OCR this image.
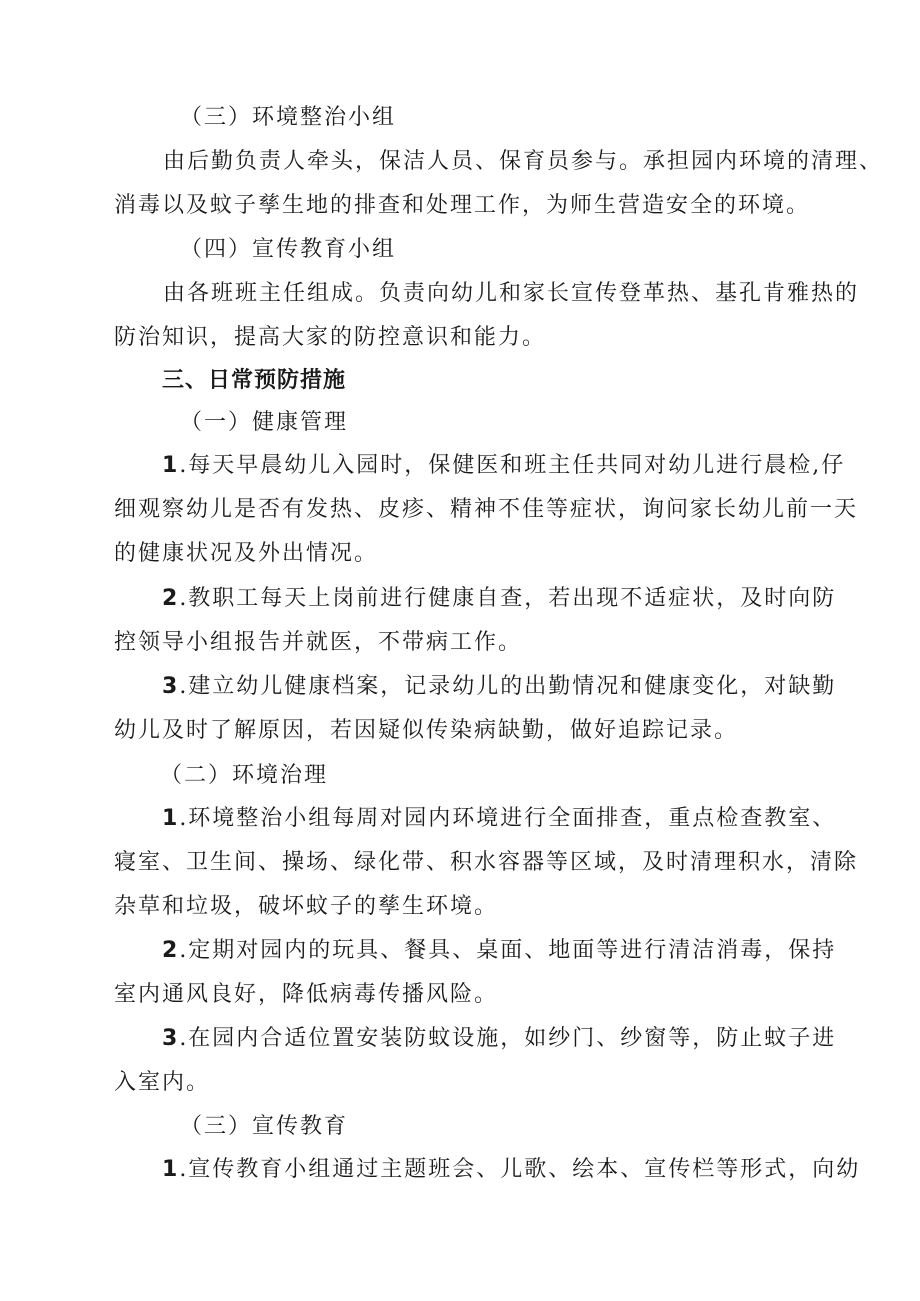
（三）环境整治小组
由后勤负责人牵头，保洁人员、保育员参与。承担园内环境的清理、
消毒以及蚊子孳生地的排查和处理工作，为师生营造安全的环境。
（四）宣传教育小组
由各班班主任组成。负责向幼儿和家长宣传登革热、基孔肯雅热的
防治知识，提高大家的防控意识和能力。
三、日常预防措施
（一）健康管理
1.每天早晨幼儿入园时，保健医和班主任共同对幼儿进行晨检,仔
细观察幼儿是否有发热、皮疹、精神不佳等症状，询问家长幼儿前一天
的健康状况及外出情况。
2.教职工每天上岗前进行健康自查，若出现不适症状，及时向防
控领导小组报告并就医，不带病工作。
3.建立幼儿健康档案，记录幼儿的出勤情况和健康变化，对缺勤
幼儿及时了解原因，若因疑似传染病缺勤，做好追踪记录。
（二）环境治理
1.环境整治小组每周对园内环境进行全面排查，重点检查教室、
寝室、卫生间、操场、绿化带、积水容器等区域，及时清理积水，清除
杂草和垃圾，破坏蚊子的孳生环境。
2.定期对园内的玩具、餐具、桌面、地面等进行清洁消毒，保持
室内通风良好，降低病毒传播风险。
3.在园内合适位置安装防蚊设施，如纱门、纱窗等，防止蚊子进
入室内。
（三）宣传教育
1.宣传教育小组通过主题班会、儿歌、绘本、宣传栏等形式，向幼
